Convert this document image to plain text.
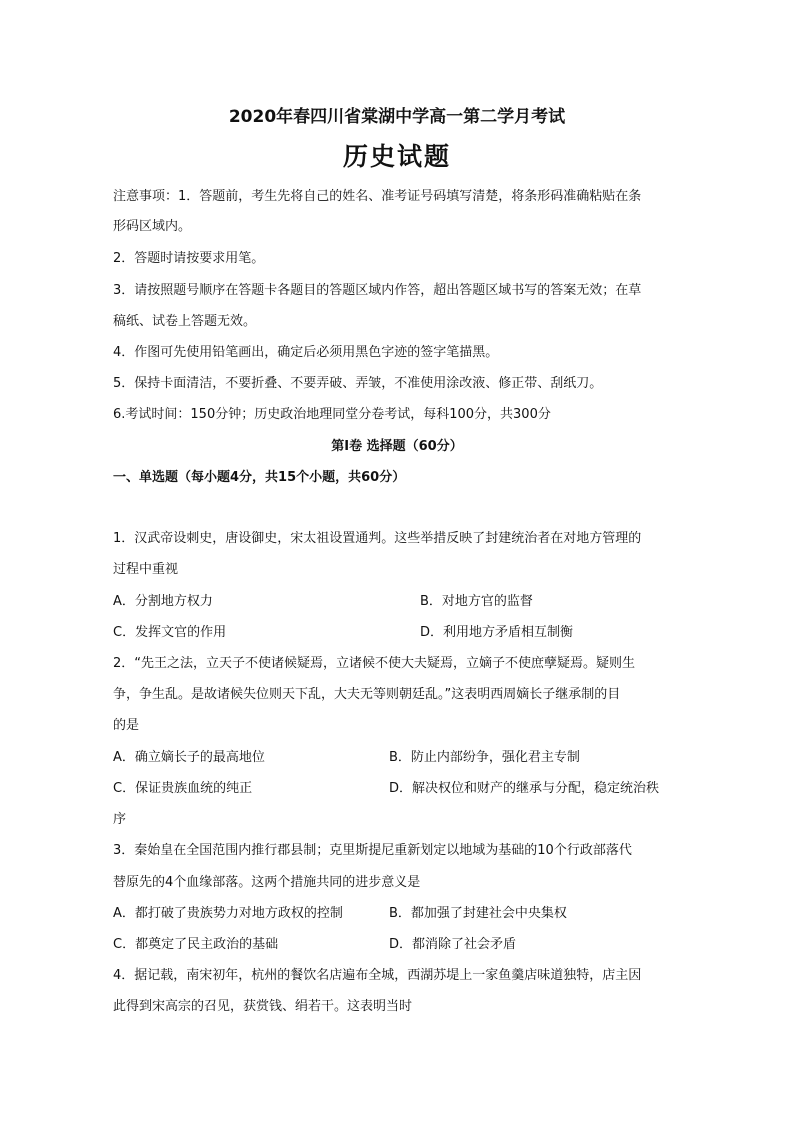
2020年春四川省棠湖中学高一第二学月考试
历史试题
注意事项：1．答题前，考生先将自己的姓名、准考证号码填写清楚，将条形码准确粘贴在条
形码区域内。
2．答题时请按要求用笔。
3．请按照题号顺序在答题卡各题目的答题区域内作答，超出答题区域书写的答案无效；在草
稿纸、试卷上答题无效。
4．作图可先使用铅笔画出，确定后必须用黑色字迹的签字笔描黑。
5．保持卡面清洁，不要折叠、不要弄破、弄皱，不准使用涂改液、修正带、刮纸刀。
6.考试时间：150分钟；历史政治地理同堂分卷考试，每科100分，共300分
第Ⅰ卷 选择题（60分）
一、单选题（每小题4分，共15个小题，共60分）
1．汉武帝设刺史，唐设御史，宋太祖设置通判。这些举措反映了封建统治者在对地方管理的
过程中重视
A．分割地方权力	B．对地方官的监督
C．发挥文官的作用	D．利用地方矛盾相互制衡
2．“先王之法，立天子不使诸候疑焉，立诸候不使大夫疑焉，立嫡子不使庶孽疑焉。疑则生
争，争生乱。是故诸候失位则天下乱，大夫无等则朝廷乱。”这表明西周嫡长子继承制的目
的是
A．确立嫡长子的最高地位	B．防止内部纷争，强化君主专制
C．保证贵族血统的纯正	D．解决权位和财产的继承与分配，稳定统治秩
序
3．秦始皇在全国范围内推行郡县制；克里斯提尼重新划定以地域为基础的10个行政部落代
替原先的4个血缘部落。这两个措施共同的进步意义是
A．都打破了贵族势力对地方政权的控制	B．都加强了封建社会中央集权
C．都奠定了民主政治的基础	D．都消除了社会矛盾
4．据记载，南宋初年，杭州的餐饮名店遍布全城，西湖苏堤上一家鱼羹店味道独特，店主因
此得到宋高宗的召见，获赏钱、绢若干。这表明当时
